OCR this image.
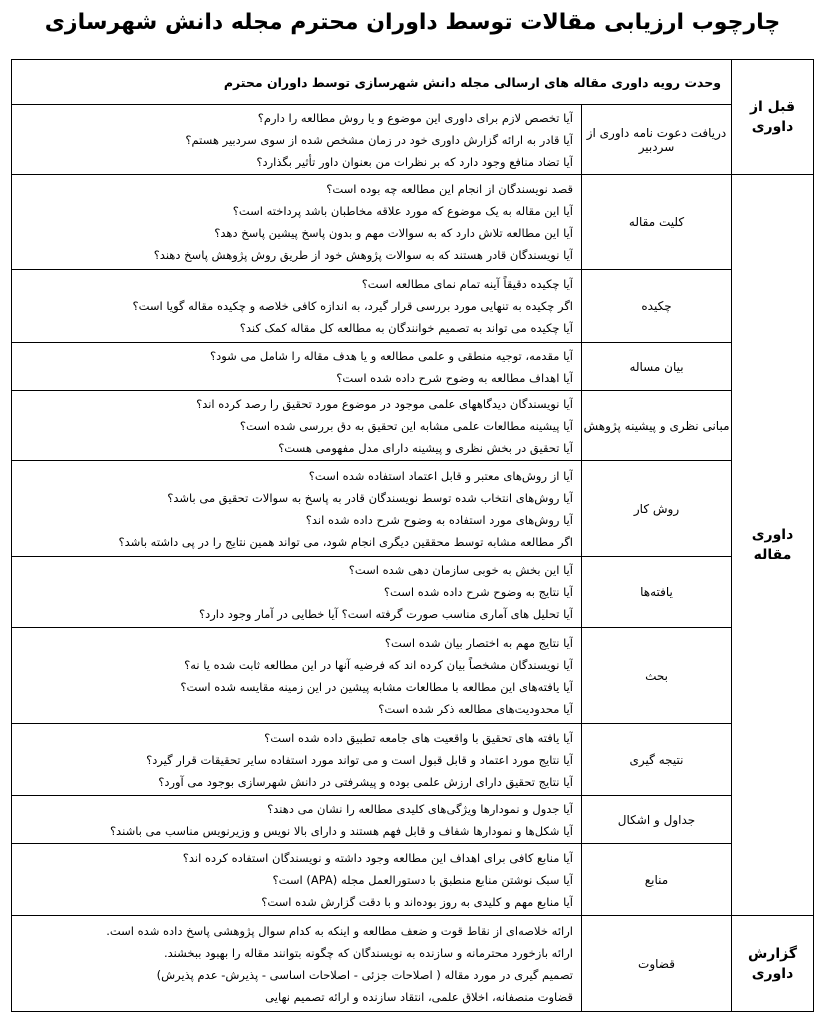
چارچوب ارزیابی مقالات توسط داوران محترم مجله دانش شهرسازی
قبل از
داوری	وحدت رویه داوری مقاله های ارسالی مجله دانش شهرسازی توسط داوران محترم	
	دریافت دعوت نامه داوری از سردبیر	آیا تخصص لازم برای داوری این موضوع و یا روش مطالعه را دارم؟
آیا قادر به ارائه گزارش داوری خود در زمان مشخص شده از سوی سردبیر هستم؟
آیا تضاد منافع وجود دارد که بر نظرات من بعنوان داور تأثیر بگذارد؟

داوری مقاله	کلیت مقاله	قصد نویسندگان از انجام این مطالعه چه بوده است؟
آیا این مقاله به یک موضوع که مورد علاقه مخاطبان باشد پرداخته است؟
آیا این مطالعه تلاش دارد که به سوالات مهم و بدون پاسخ پیشین پاسخ دهد؟
آیا نویسندگان قادر هستند که به سوالات پژوهش خود از طریق روش پژوهش پاسخ دهند؟

	چکیده	آیا چکیده دقیقاً آینه تمام نمای مطالعه است؟
اگر چکیده به تنهایی مورد بررسی قرار گیرد، به اندازه کافی خلاصه و چکیده مقاله گویا است؟
آیا چکیده می تواند به تصمیم خوانندگان به مطالعه کل مقاله کمک کند؟

	بیان مساله	آیا مقدمه، توجیه منطقی و علمی مطالعه و یا هدف مقاله را شامل می شود؟
آیا اهداف مطالعه به وضوح شرح داده شده است؟

	مبانی نظری و پیشینه پژوهش	آیا نویسندگان دیدگاههای علمی موجود در موضوع مورد تحقیق را رصد کرده اند؟
آیا پیشینه مطالعات علمی مشابه این تحقیق به دق بررسی شده است؟
آیا تحقیق در بخش نظری و پیشینه دارای مدل مفهومی هست؟

	روش کار	آیا از روش‌های معتبر و قابل اعتماد استفاده شده است؟
آیا روش‌های انتخاب شده توسط نویسندگان قادر به پاسخ به سوالات تحقیق می باشد؟
آیا روش‌های مورد استفاده به وضوح شرح داده شده اند؟
اگر مطالعه مشابه توسط محققین دیگری انجام شود، می تواند همین نتایج را در پی داشته باشد؟

	یافته‌ها	آیا این بخش به خوبی سازمان دهی شده است؟
آیا نتایج به وضوح شرح داده شده است؟
آیا تحلیل های آماری مناسب صورت گرفته است؟ آیا خطایی در آمار وجود دارد؟

	بحث	آیا نتایج مهم به اختصار بیان شده است؟
آیا نویسندگان مشخصاً بیان کرده اند که فرضیه آنها در این مطالعه ثابت شده یا نه؟
آیا یافته‌های این مطالعه با مطالعات مشابه پیشین در این زمینه مقایسه شده است؟
آیا محدودیت‌های مطالعه ذکر شده است؟

	نتیجه گیری	آیا یافته های تحقیق با واقعیت های جامعه تطبیق داده شده است؟
آیا نتایج مورد اعتماد و قابل قبول است و می تواند مورد استفاده سایر تحقیقات قرار گیرد؟
آیا نتایج تحقیق دارای ارزش علمی بوده و پیشرفتی در دانش شهرسازی بوجود می آورد؟

	جداول و اشکال	آیا جدول و نمودارها ویژگی‌های کلیدی مطالعه را نشان می دهند؟
آیا شکل‌ها و نمودارها شفاف و قابل فهم هستند و دارای بالا نویس و وزیرنویس مناسب می باشند؟

	منابع	آیا منابع کافی برای اهداف این مطالعه وجود داشته و نویسندگان استفاده کرده اند؟
آیا سبک نوشتن منابع منطبق با دستورالعمل مجله (APA) است؟
آیا منابع مهم و کلیدی به روز بوده‌اند و با دقت گزارش شده است؟

گزارش
داوری	قضاوت	ارائه خلاصه‌ای از نقاط قوت و ضعف مطالعه و اینکه به کدام سوال پژوهشی پاسخ داده شده است.
ارائه بازخورد محترمانه و سازنده به نویسندگان که چگونه بتوانند مقاله را بهبود ببخشند.
تصمیم گیری در مورد مقاله ( اصلاحات جزئی - اصلاحات اساسی - پذیرش- عدم پذیرش)
قضاوت منصفانه، اخلاق علمی، انتقاد سازنده و ارائه تصمیم نهایی
